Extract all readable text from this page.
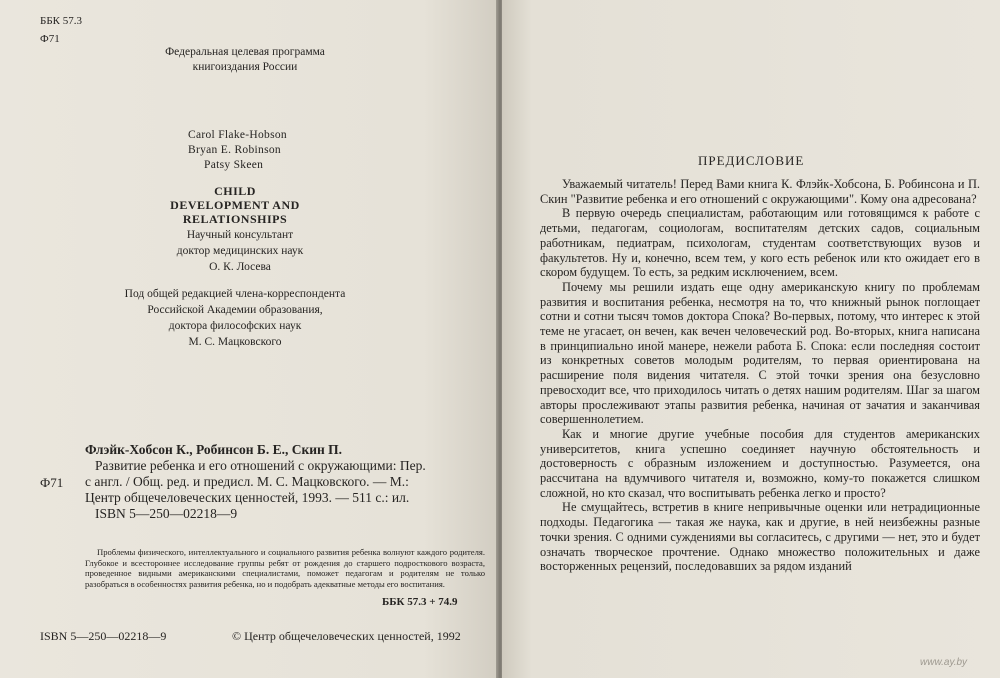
ББК 57.3
Ф71
Федеральная целевая программа
книгоиздания России
Carol Flake-Hobson
Bryan E. Robinson
Patsy Skeen
CHILD
DEVELOPMENT AND
RELATIONSHIPS
Научный консультант
доктор медицинских наук
О. К. Лосева
Под общей редакцией члена-корреспондента
Российской Академии образования,
доктора философских наук
М. С. Мацковского
Ф71
Флэйк-Хобсон К., Робинсон Б. Е., Скин П.
Развитие ребенка и его отношений с окружающими: Пер.
с англ. / Общ. ред. и предисл. М. С. Мацковского. — М.:
Центр общечеловеческих ценностей, 1993. — 511 с.: ил.
ISBN 5—250—02218—9
Проблемы физического, интеллектуального и социального развития ребенка волнуют каждого родителя. Глубокое и всестороннее исследование группы ребят от рождения до старшего подросткового возраста, проведенное видными американскими специалистами, поможет педагогам и родителям не только разобраться в особенностях развития ребенка, но и подобрать адекватные методы его воспитания.
ББК 57.3 + 74.9
ISBN 5—250—02218—9	© Центр общечеловеческих ценностей, 1992
ПРЕДИСЛОВИЕ

Уважаемый читатель! Перед Вами книга К. Флэйк-Хобсона, Б. Робинсона и П. Скин "Развитие ребенка и его отношений с окружающими". Кому она адресована?

В первую очередь специалистам, работающим или готовящимся к работе с детьми, педагогам, социологам, воспитателям детских садов, социальным работникам, педиатрам, психологам, студентам соответствующих вузов и факультетов. Ну и, конечно, всем тем, у кого есть ребенок или кто ожидает его в скором будущем. То есть, за редким исключением, всем.

Почему мы решили издать еще одну американскую книгу по проблемам развития и воспитания ребенка, несмотря на то, что книжный рынок поглощает сотни и сотни тысяч томов доктора Спока? Во-первых, потому, что интерес к этой теме не угасает, он вечен, как вечен человеческий род. Во-вторых, книга написана в принципиально иной манере, нежели работа Б. Спока: если последняя состоит из конкретных советов молодым родителям, то первая ориентирована на расширение поля видения читателя. С этой точки зрения она безусловно превосходит все, что приходилось читать о детях нашим родителям. Шаг за шагом авторы прослеживают этапы развития ребенка, начиная от зачатия и заканчивая совершеннолетием.

Как и многие другие учебные пособия для студентов американских университетов, книга успешно соединяет научную обстоятельность и достоверность с образным изложением и доступностью. Разумеется, она рассчитана на вдумчивого читателя и, возможно, кому-то покажется слишком сложной, но кто сказал, что воспитывать ребенка легко и просто?

Не смущайтесь, встретив в книге непривычные оценки или нетрадиционные подходы. Педагогика — такая же наука, как и другие, в ней неизбежны разные точки зрения. С одними суждениями вы согласитесь, с другими — нет, это и будет означать творческое прочтение. Однако множество положительных и даже восторженных рецензий, последовавших за рядом изданий

www.ay.by
